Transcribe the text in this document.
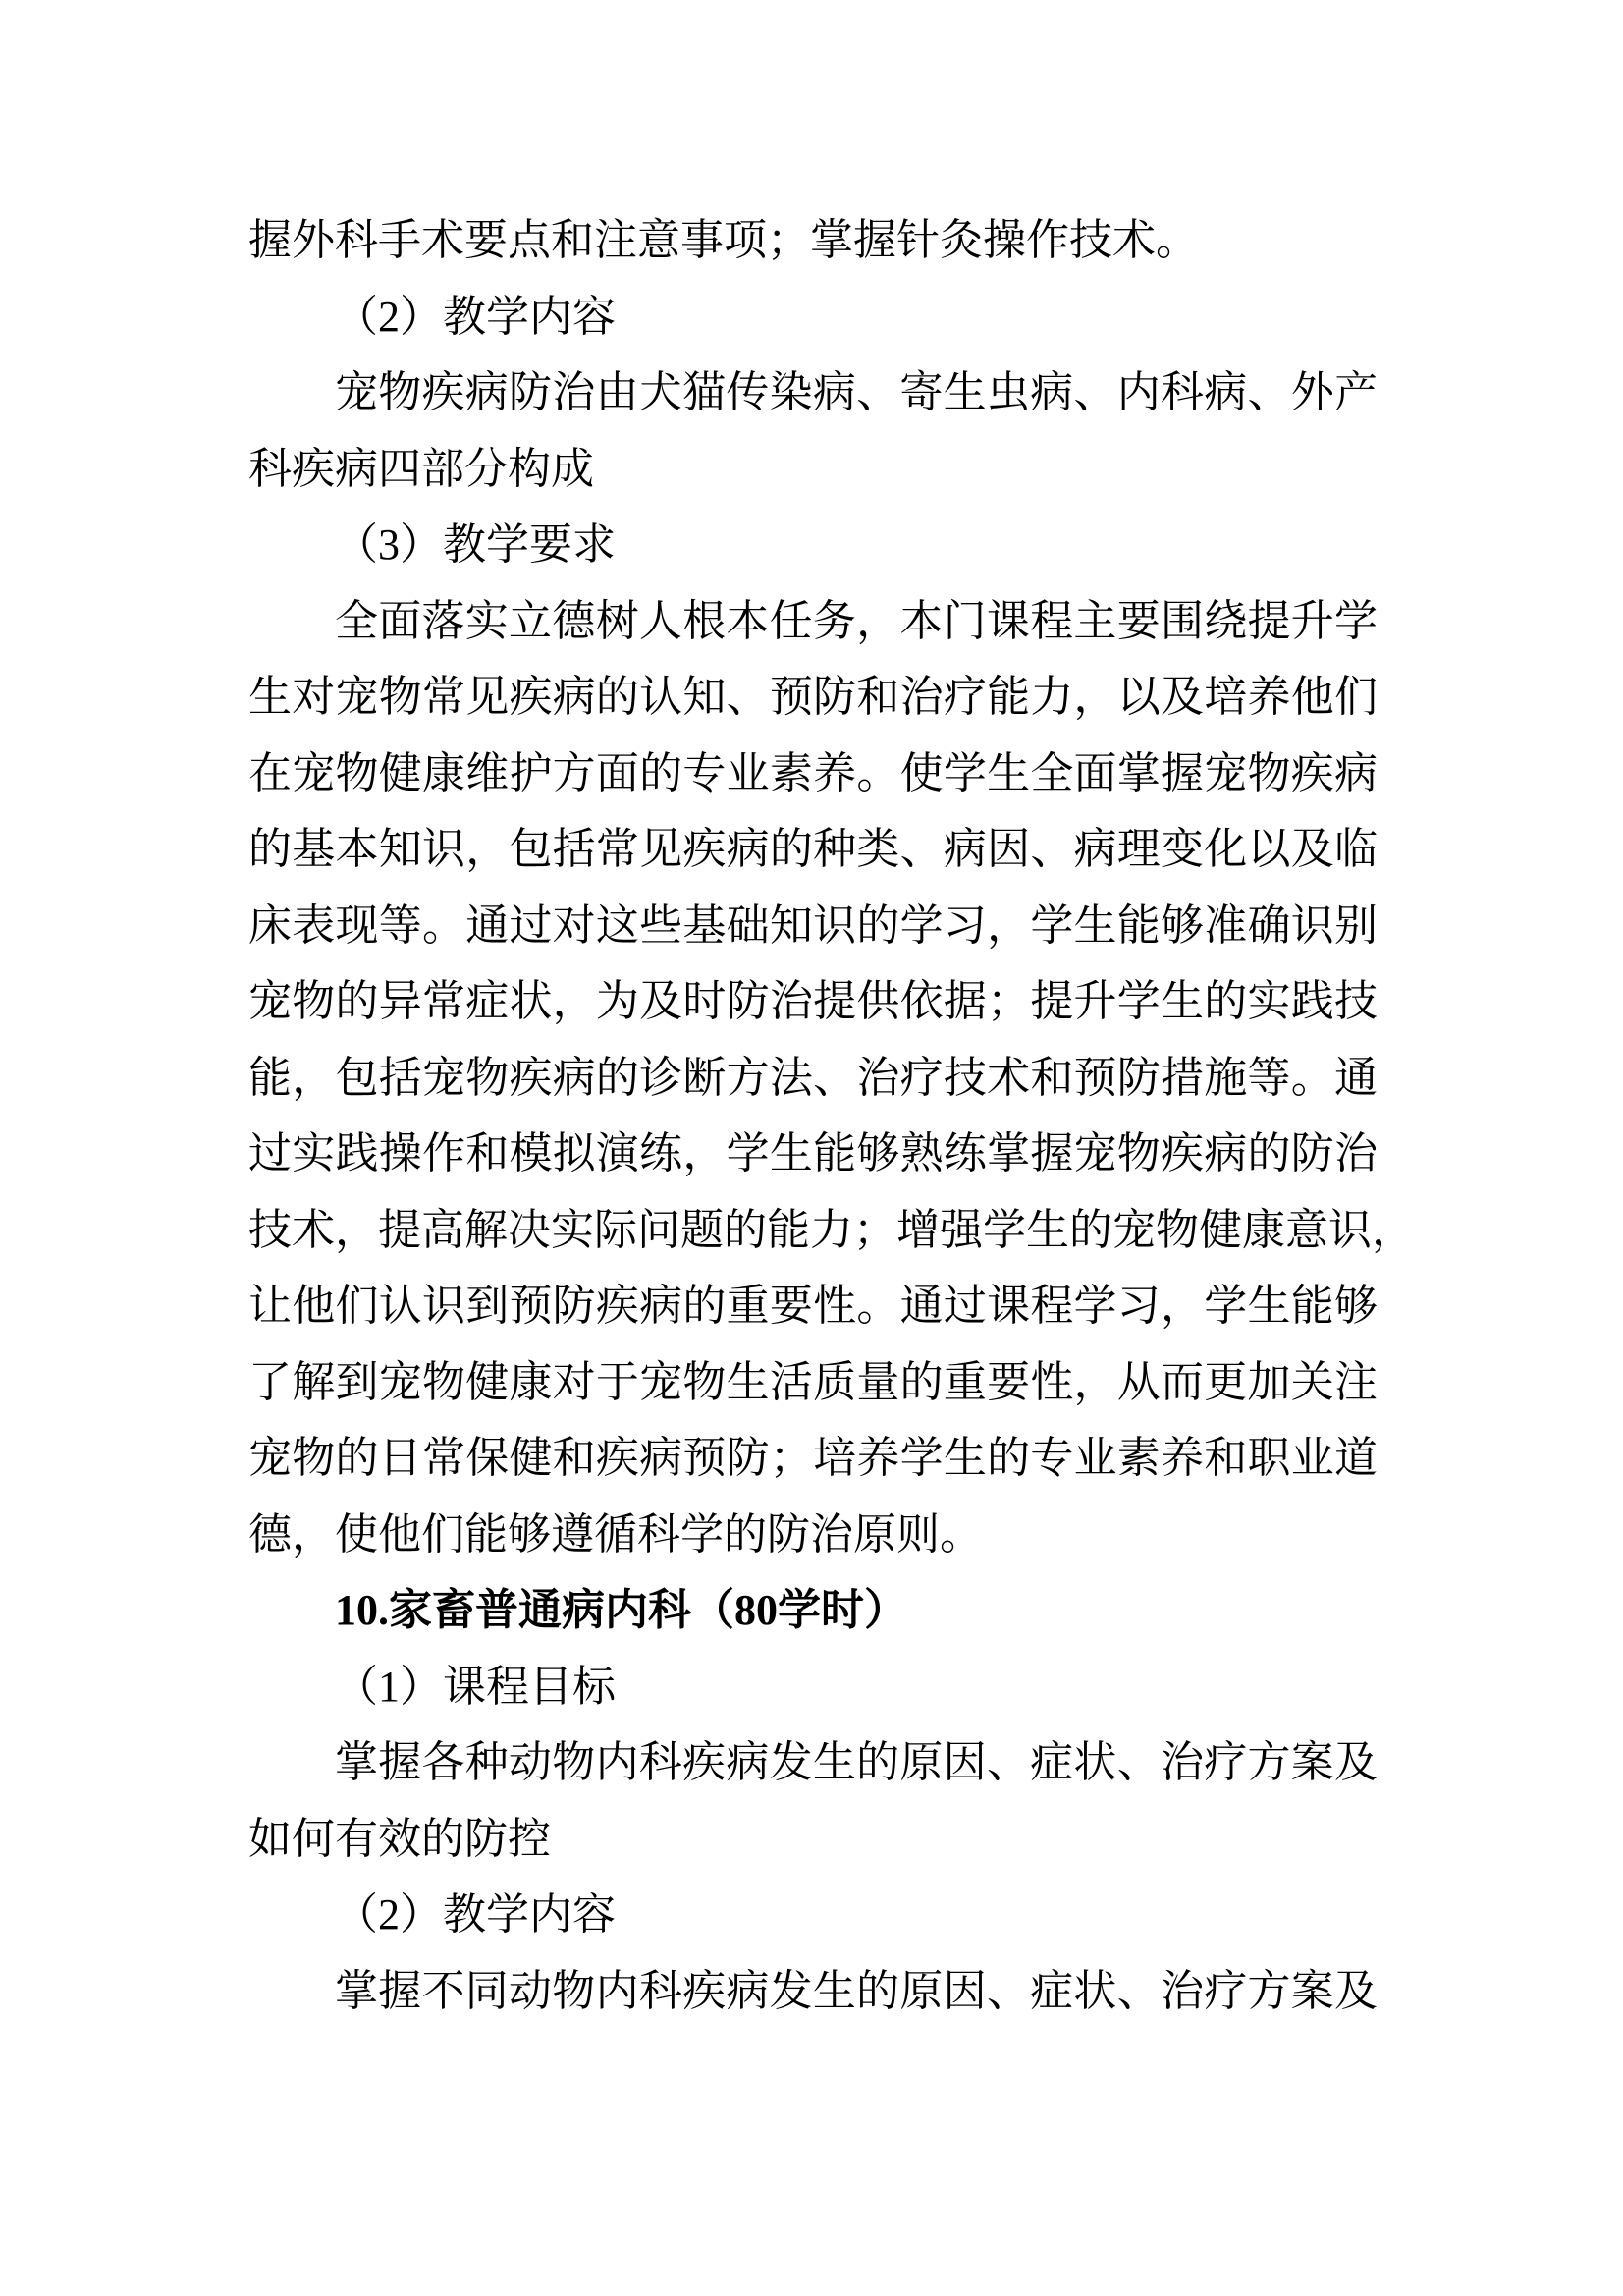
握外科手术要点和注意事项；掌握针灸操作技术。
（2）教学内容
宠物疾病防治由犬猫传染病、寄生虫病、内科病、外产
科疾病四部分构成
（3）教学要求
全面落实立德树人根本任务，本门课程主要围绕提升学
生对宠物常见疾病的认知、预防和治疗能力，以及培养他们
在宠物健康维护方面的专业素养。使学生全面掌握宠物疾病
的基本知识，包括常见疾病的种类、病因、病理变化以及临
床表现等。通过对这些基础知识的学习，学生能够准确识别
宠物的异常症状，为及时防治提供依据；提升学生的实践技
能，包括宠物疾病的诊断方法、治疗技术和预防措施等。通
过实践操作和模拟演练，学生能够熟练掌握宠物疾病的防治
技术，提高解决实际问题的能力；增强学生的宠物健康意识，
让他们认识到预防疾病的重要性。通过课程学习，学生能够
了解到宠物健康对于宠物生活质量的重要性，从而更加关注
宠物的日常保健和疾病预防；培养学生的专业素养和职业道
德，使他们能够遵循科学的防治原则。
10.家畜普通病内科（80学时）
（1）课程目标
掌握各种动物内科疾病发生的原因、症状、治疗方案及
如何有效的防控
（2）教学内容
掌握不同动物内科疾病发生的原因、症状、治疗方案及
